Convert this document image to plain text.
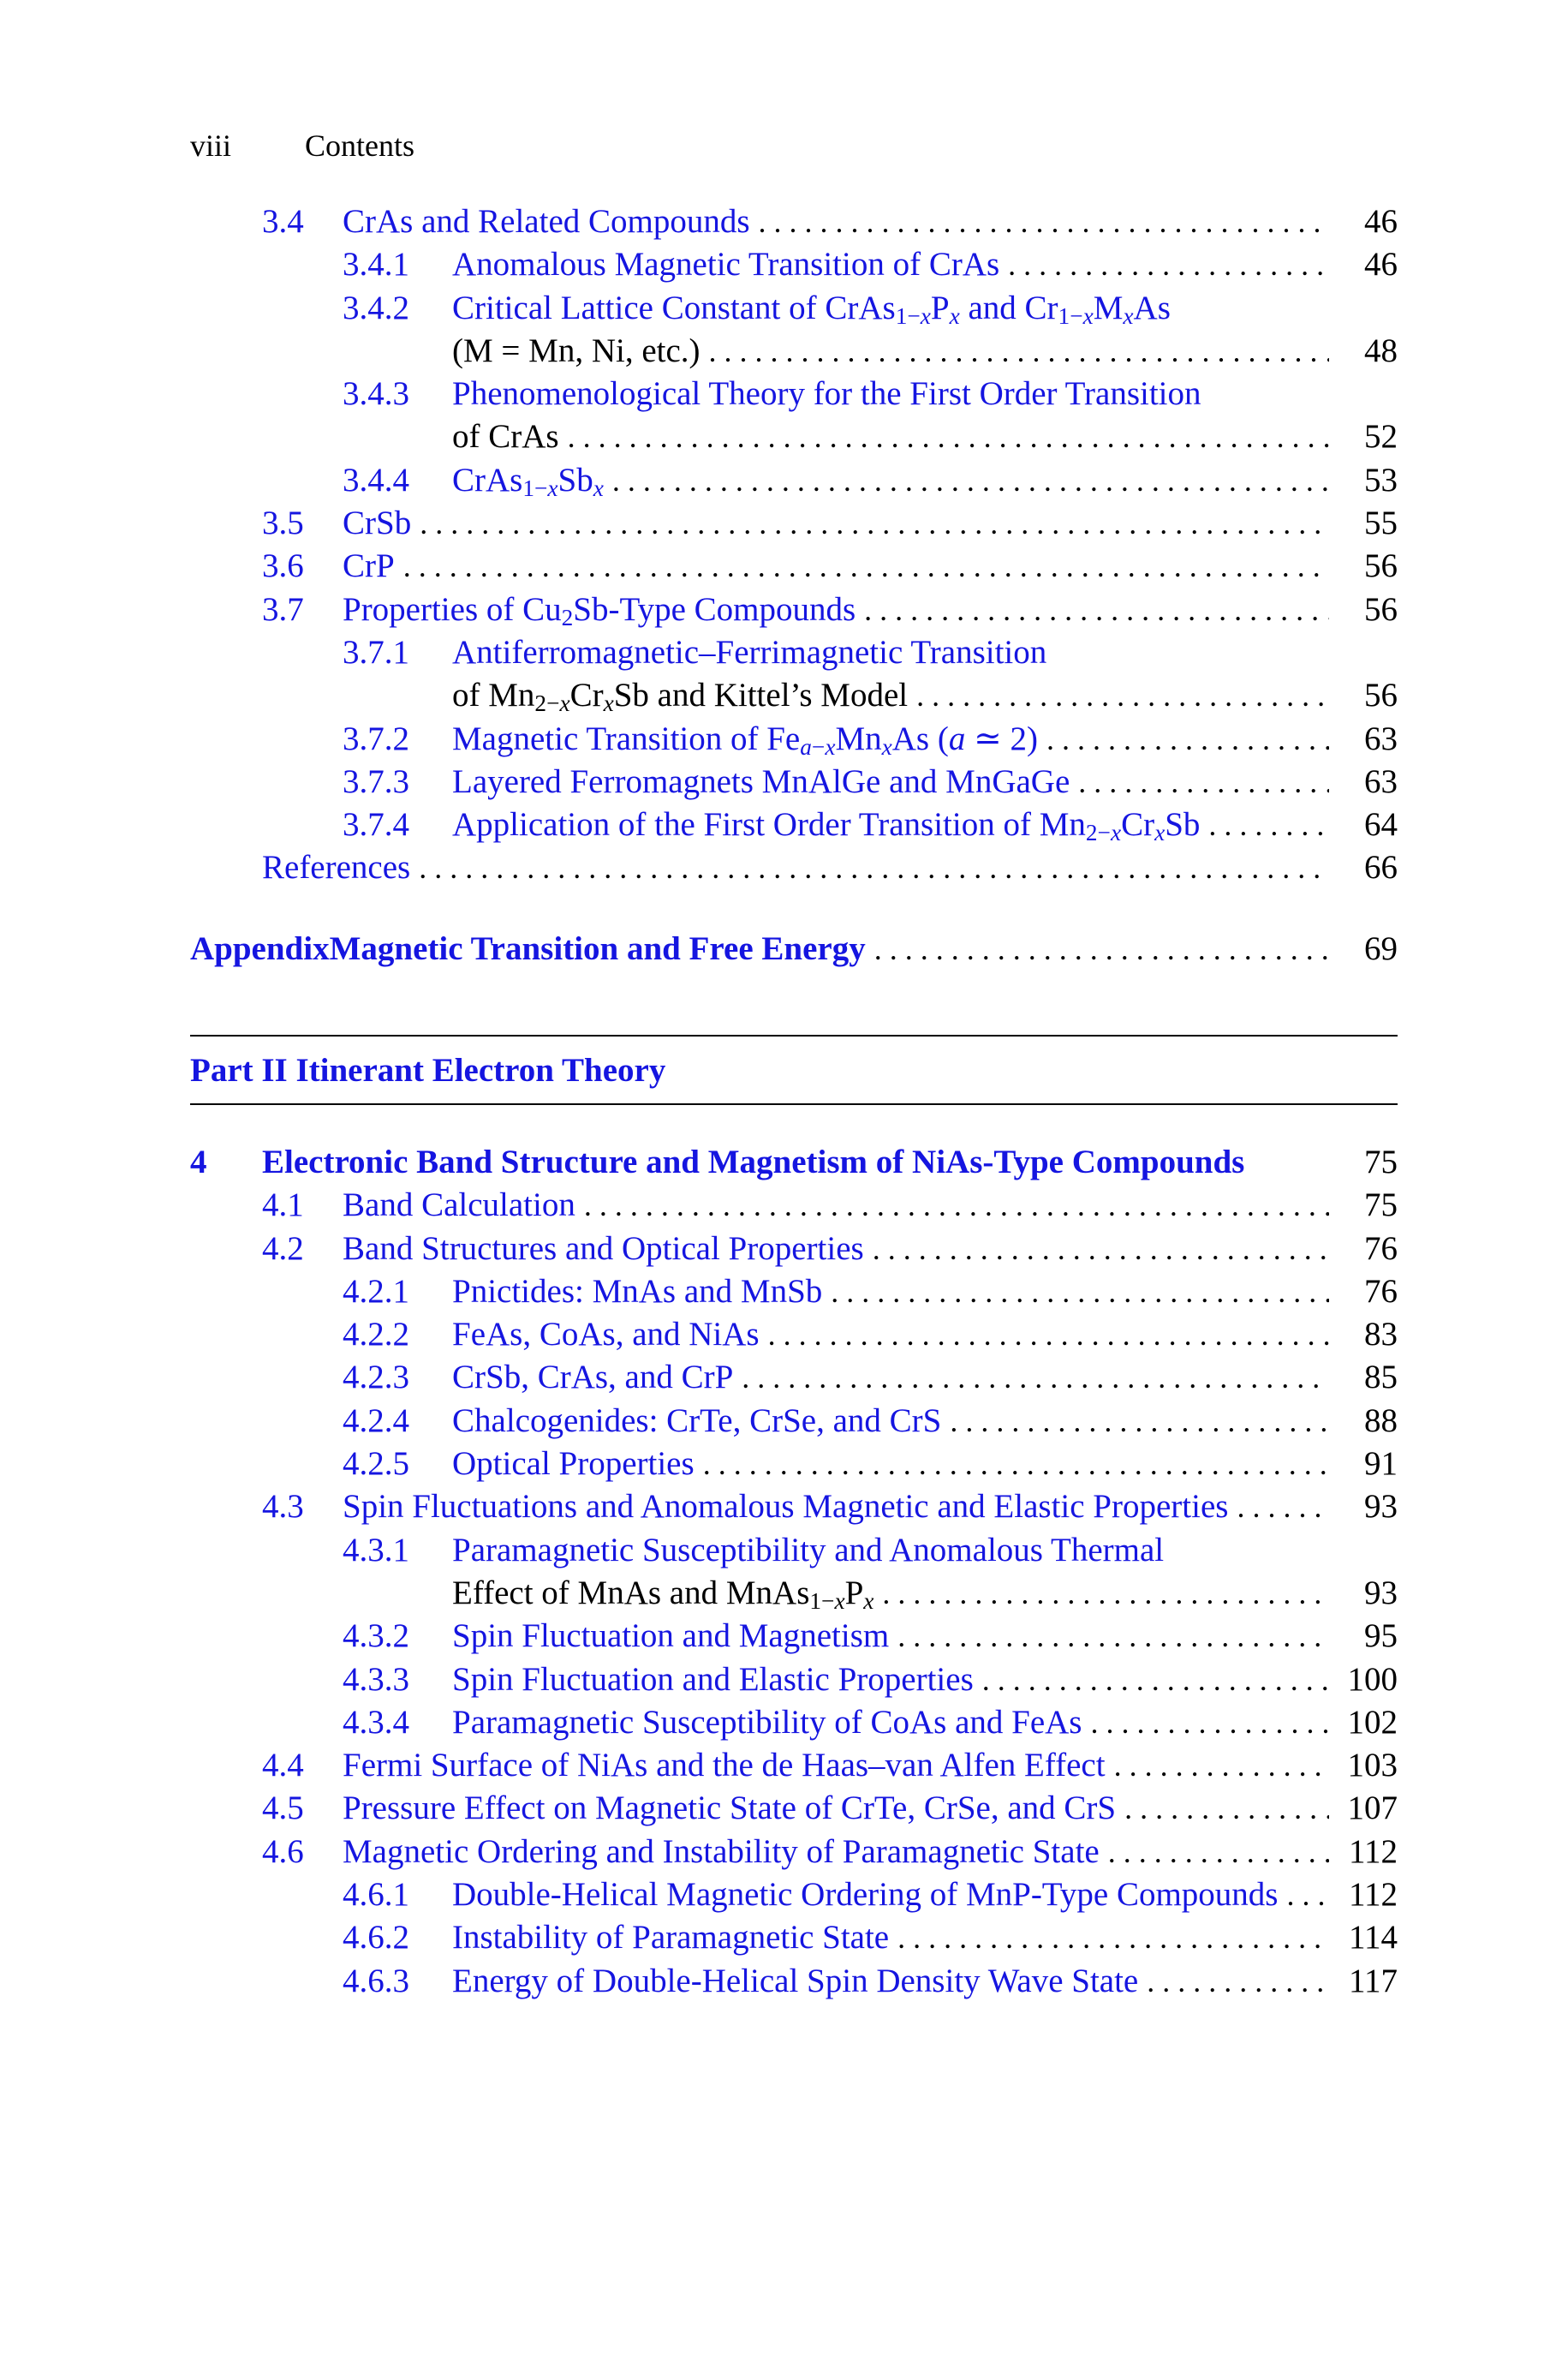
viii Contents
3.4 CrAs and Related Compounds . . .	46
3.4.1 Anomalous Magnetic Transition of CrAs . . .	46
3.4.2 Critical Lattice Constant of $CrAs_{1-x}P_x$ and $Cr_{1-x}M_xAs$
(M = Mn, Ni, etc.) . . .	48
3.4.3 Phenomenological Theory for the First Order Transition
of CrAs . . .	52
3.4.4 $CrAs_{1-x}Sb_x$ . . .	53
3.5 CrSb . . .	55
3.6 CrP . . .	56
3.7 Properties of $Cu_2Sb$-Type Compounds . . .	56
3.7.1 Antiferromagnetic–Ferrimagnetic Transition
of $Mn_{2-x}Cr_xSb$ and Kittel’s Model . . .	56
3.7.2 Magnetic Transition of $Fe_{a-x}Mn_xAs$ (a ≃ 2) . . .	63
3.7.3 Layered Ferromagnets MnAlGe and MnGaGe . . .	63
3.7.4 Application of the First Order Transition of $Mn_{2-x}Cr_xSb$ . . .	64
References . . .	66
Appendix Magnetic Transition and Free Energy . . .	69
Part II Itinerant Electron Theory
4 Electronic Band Structure and Magnetism of NiAs-Type Compounds	75
4.1 Band Calculation . . .	75
4.2 Band Structures and Optical Properties . . .	76
4.2.1 Pnictides: MnAs and MnSb . . .	76
4.2.2 FeAs, CoAs, and NiAs . . .	83
4.2.3 CrSb, CrAs, and CrP . . .	85
4.2.4 Chalcogenides: CrTe, CrSe, and CrS . . .	88
4.2.5 Optical Properties . . .	91
4.3 Spin Fluctuations and Anomalous Magnetic and Elastic Properties . . .	93
4.3.1 Paramagnetic Susceptibility and Anomalous Thermal
Effect of MnAs and $MnAs_{1-x}P_x$ . . .	93
4.3.2 Spin Fluctuation and Magnetism . . .	95
4.3.3 Spin Fluctuation and Elastic Properties . . .	100
4.3.4 Paramagnetic Susceptibility of CoAs and FeAs . . .	102
4.4 Fermi Surface of NiAs and the de Haas–van Alfen Effect . . .	103
4.5 Pressure Effect on Magnetic State of CrTe, CrSe, and CrS . . .	107
4.6 Magnetic Ordering and Instability of Paramagnetic State . . .	112
4.6.1 Double-Helical Magnetic Ordering of MnP-Type Compounds . . .	112
4.6.2 Instability of Paramagnetic State . . .	114
4.6.3 Energy of Double-Helical Spin Density Wave State . . .	117
